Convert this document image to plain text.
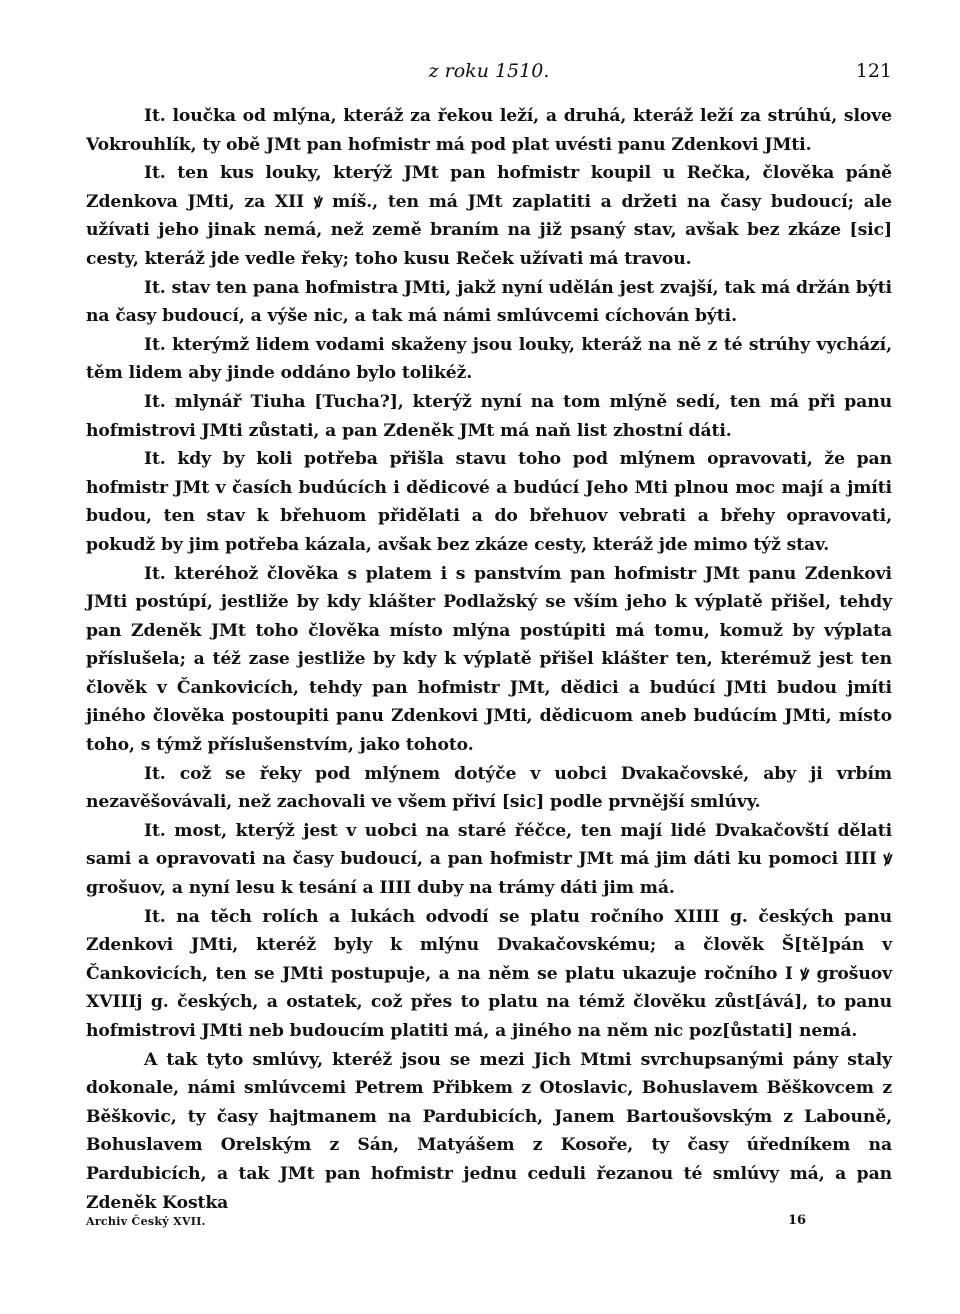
z roku 1510.	121

It. loučka od mlýna, kteráž za řekou leží, a druhá, kteráž leží za strúhú, slove Vokrouhlík, ty obě JMt pan hofmistr má pod plat uvésti panu Zdenkovi JMti.

It. ten kus louky, kterýž JMt pan hofmistr koupil u Rečka, člověka páně Zdenkova JMti, za XII ꝟ míš., ten má JMt zaplatiti a držeti na časy budoucí; ale užívati jeho jinak nemá, než země braním na již psaný stav, avšak bez zkáze [sic] cesty, kteráž jde vedle řeky; toho kusu Reček užívati má travou.

It. stav ten pana hofmistra JMti, jakž nyní udělán jest zvajší, tak má držán býti na časy budoucí, a výše nic, a tak má námi smlúvcemi cíchován býti.

It. kterýmž lidem vodami skaženy jsou louky, kteráž na ně z té strúhy vychází, těm lidem aby jinde oddáno bylo tolikéž.

It. mlynář Tiuha [Tucha?], kterýž nyní na tom mlýně sedí, ten má při panu hofmistrovi JMti zůstati, a pan Zdeněk JMt má naň list zhostní dáti.

It. kdy by koli potřeba přišla stavu toho pod mlýnem opravovati, že pan hofmistr JMt v časích budúcích i dědicové a budúcí Jeho Mti plnou moc mají a jmíti budou, ten stav k břehuom přidělati a do břehuov vebrati a břehy opravovati, pokudž by jim potřeba kázala, avšak bez zkáze cesty, kteráž jde mimo týž stav.

It. kteréhož člověka s platem i s panstvím pan hofmistr JMt panu Zdenkovi JMti postúpí, jestliže by kdy klášter Podlažský se vším jeho k výplatě přišel, tehdy pan Zdeněk JMt toho člověka místo mlýna postúpiti má tomu, komuž by výplata příslušela; a též zase jestliže by kdy k výplatě přišel klášter ten, kterémuž jest ten člověk v Čankovicích, tehdy pan hofmistr JMt, dědici a budúcí JMti budou jmíti jiného člověka postoupiti panu Zdenkovi JMti, dědicuom aneb budúcím JMti, místo toho, s týmž příslušenstvím, jako tohoto.

It. což se řeky pod mlýnem dotýče v uobci Dvakačovské, aby ji vrbím nezavěšovávali, než zachovali ve všem přiví [sic] podle prvnější smlúvy.

It. most, kterýž jest v uobci na staré řéčce, ten mají lidé Dvakačovští dělati sami a opravovati na časy budoucí, a pan hofmistr JMt má jim dáti ku pomoci IIII ꝟ grošuov, a nyní lesu k tesání a IIII duby na trámy dáti jim má.

It. na těch rolích a lukách odvodí se platu ročního XIIII g. českých panu Zdenkovi JMti, kteréž byly k mlýnu Dvakačovskému; a člověk Š[tě]pán v Čankovicích, ten se JMti postupuje, a na něm se platu ukazuje ročního I ꝟ grošuov XVIIIj g. českých, a ostatek, což přes to platu na témž člověku zůst[ává], to panu hofmistrovi JMti neb budoucím platiti má, a jiného na něm nic poz[ůstati] nemá.

A tak tyto smlúvy, kteréž jsou se mezi Jich Mtmi svrchupsanými pány staly dokonale, námi smlúvcemi Petrem Přibkem z Otoslavic, Bohuslavem Běškovcem z Běškovic, ty časy hajtmanem na Pardubicích, Janem Bartoušovským z Labouně, Bohuslavem Orelským z Sán, Matyášem z Kosoře, ty časy úředníkem na Pardubicích, a tak JMt pan hofmistr jednu ceduli řezanou té smlúvy má, a pan Zdeněk Kostka

Archiv Český XVII.	16
